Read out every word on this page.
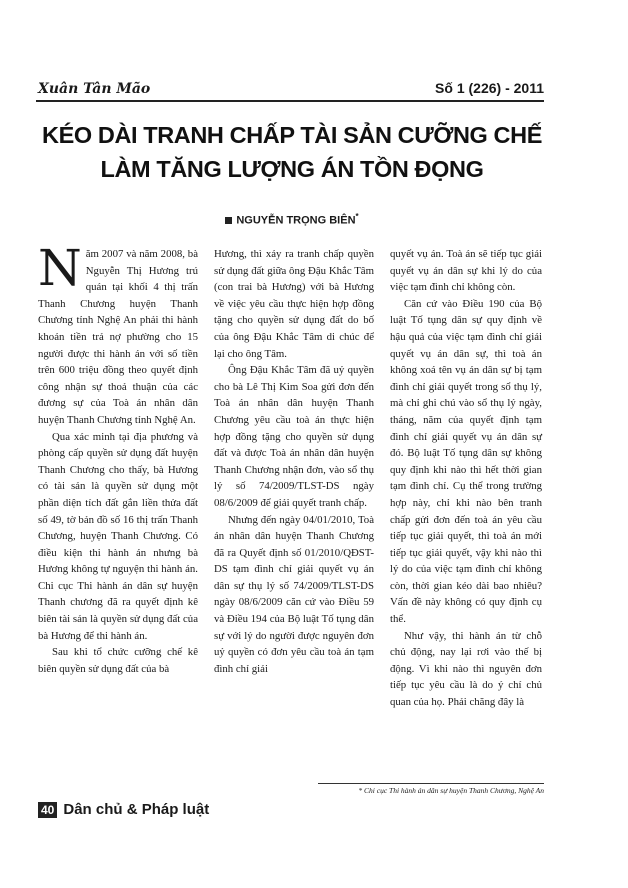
Xuân Tân Mão	Số 1 (226) - 2011
KÉO DÀI TRANH CHẤP TÀI SẢN CƯỠNG CHẾ
LÀM TĂNG LƯỢNG ÁN TỒN ĐỌNG
NGUYỄN TRỌNG BIÊN*

Năm 2007 và năm 2008, bà Nguyễn Thị Hương trú quán tại khối 4 thị trấn Thanh Chương huyện Thanh Chương tỉnh Nghệ An phải thi hành khoản tiền trả nợ phường cho 15 người được thi hành án với số tiền trên 600 triệu đồng theo quyết định công nhận sự thoả thuận của các đương sự của Toà án nhân dân huyện Thanh Chương tỉnh Nghệ An.

Qua xác minh tại địa phương và phòng cấp quyền sử dụng đất huyện Thanh Chương cho thấy, bà Hương có tài sản là quyền sử dụng một phần diện tích đất gắn liền thửa đất số 49, tờ bản đồ số 16 thị trấn Thanh Chương, huyện Thanh Chương. Có điều kiện thi hành án nhưng bà Hương không tự nguyện thi hành án. Chi cục Thi hành án dân sự huyện Thanh chương đã ra quyết định kê biên tài sản là quyền sử dụng đất của bà Hương để thi hành án.

Sau khi tổ chức cưỡng chế kê biên quyền sử dụng đất của bà

Hương, thì xảy ra tranh chấp quyền sử dụng đất giữa ông Đậu Khắc Tâm (con trai bà Hương) với bà Hương về việc yêu cầu thực hiện hợp đồng tặng cho quyền sử dụng đất do bố của ông Đậu Khắc Tâm di chúc để lại cho ông Tâm.

Ông Đậu Khắc Tâm đã uỷ quyền cho bà Lê Thị Kim Soa gửi đơn đến Toà án nhân dân huyện Thanh Chương yêu cầu toà án thực hiện hợp đồng tặng cho quyền sử dụng đất và được Toà án nhân dân huyện Thanh Chương nhận đơn, vào sổ thụ lý số 74/2009/TLST-DS ngày 08/6/2009 để giải quyết tranh chấp.

Nhưng đến ngày 04/01/2010, Toà án nhân dân huyện Thanh Chương đã ra Quyết định số 01/2010/QĐST-DS tạm đình chỉ giải quyết vụ án dân sự thụ lý số 74/2009/TLST-DS ngày 08/6/2009 căn cứ vào Điều 59 và Điều 194 của Bộ luật Tố tụng dân sự với lý do người được nguyên đơn uỷ quyền có đơn yêu cầu toà án tạm đình chỉ giải

quyết vụ án. Toà án sẽ tiếp tục giải quyết vụ án dân sự khi lý do của việc tạm đình chỉ không còn.

Căn cứ vào Điều 190 của Bộ luật Tố tụng dân sự quy định về hậu quả của việc tạm đình chỉ giải quyết vụ án dân sự, thì toà án không xoá tên vụ án dân sự bị tạm đình chỉ giải quyết trong sổ thụ lý, mà chỉ ghi chú vào sổ thụ lý ngày, tháng, năm của quyết định tạm đình chỉ giải quyết vụ án dân sự đó. Bộ luật Tố tụng dân sự không quy định khi nào thì hết thời gian tạm đình chỉ. Cụ thể trong trường hợp này, chỉ khi nào bên tranh chấp gửi đơn đến toà án yêu cầu tiếp tục giải quyết, thì toà án mới tiếp tục giải quyết, vậy khi nào thì lý do của việc tạm đình chỉ không còn, thời gian kéo dài bao nhiêu? Vấn đề này không có quy định cụ thể.

Như vậy, thi hành án từ chỗ chủ động, nay lại rơi vào thế bị động. Vì khi nào thì nguyên đơn tiếp tục yêu cầu là do ý chí chủ quan của họ. Phải chăng đây là

* Chi cục Thi hành án dân sự huyện Thanh Chương, Nghệ An
40 Dân chủ & Pháp luật
